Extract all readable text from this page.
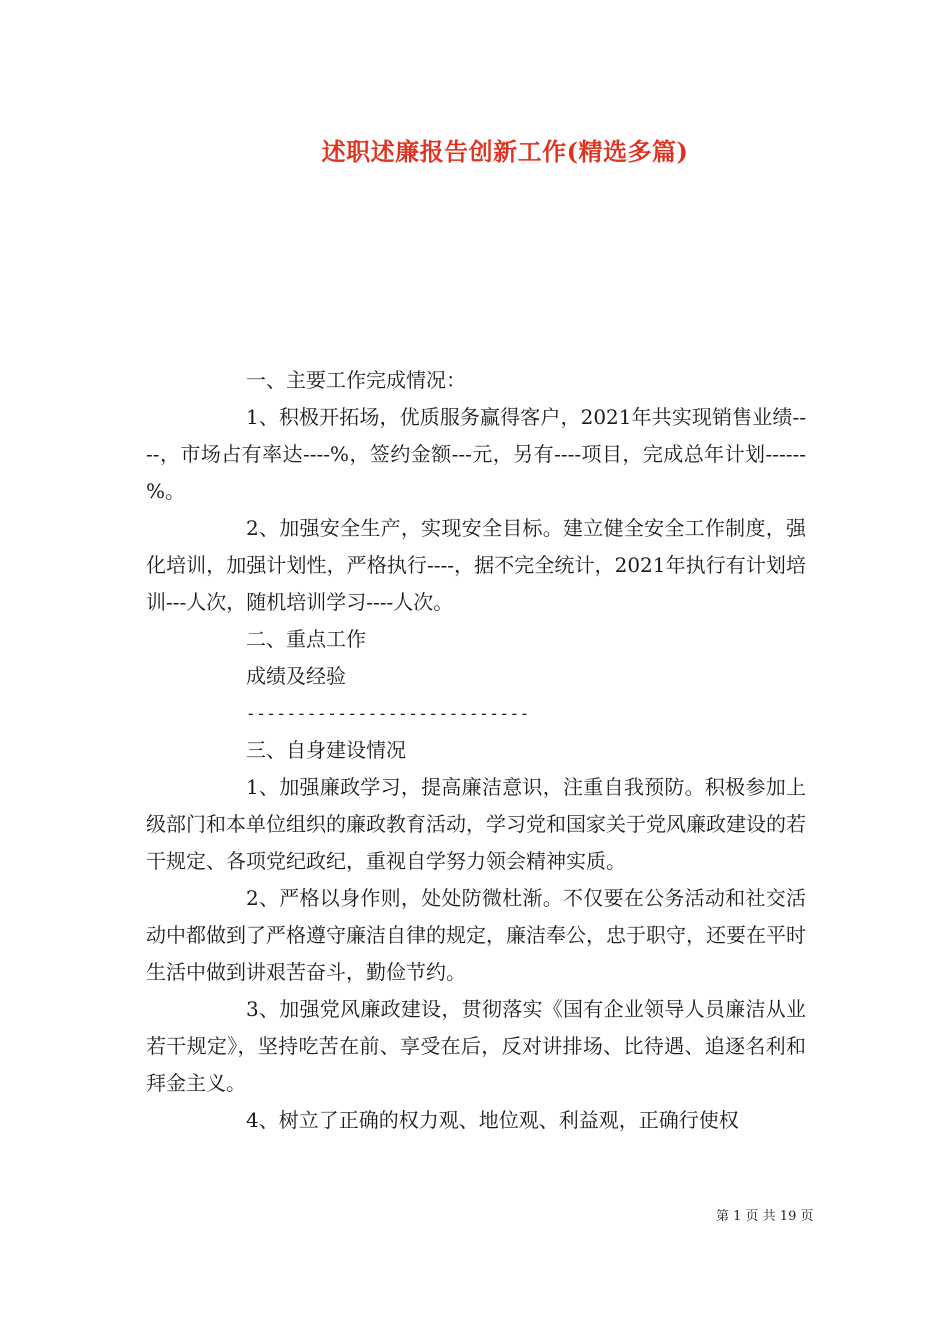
述职述廉报告创新工作(精选多篇)

一、主要工作完成情况：

1、积极开拓场，优质服务赢得客户，2021年共实现销售业绩----，市场占有率达----%，签约金额---元，另有----项目，完成总年计划------%。

2、加强安全生产，实现安全目标。建立健全安全工作制度，强化培训，加强计划性，严格执行----，据不完全统计，2021年执行有计划培训---人次，随机培训学习----人次。

二、重点工作

成绩及经验

----------------------------

三、自身建设情况

1、加强廉政学习，提高廉洁意识，注重自我预防。积极参加上级部门和本单位组织的廉政教育活动，学习党和国家关于党风廉政建设的若干规定、各项党纪政纪，重视自学努力领会精神实质。

2、严格以身作则，处处防微杜渐。不仅要在公务活动和社交活动中都做到了严格遵守廉洁自律的规定，廉洁奉公，忠于职守，还要在平时生活中做到讲艰苦奋斗，勤俭节约。

3、加强党风廉政建设，贯彻落实《国有企业领导人员廉洁从业若干规定》，坚持吃苦在前、享受在后，反对讲排场、比待遇、追逐名利和拜金主义。

4、树立了正确的权力观、地位观、利益观，正确行使权

第 1 页 共 19 页
